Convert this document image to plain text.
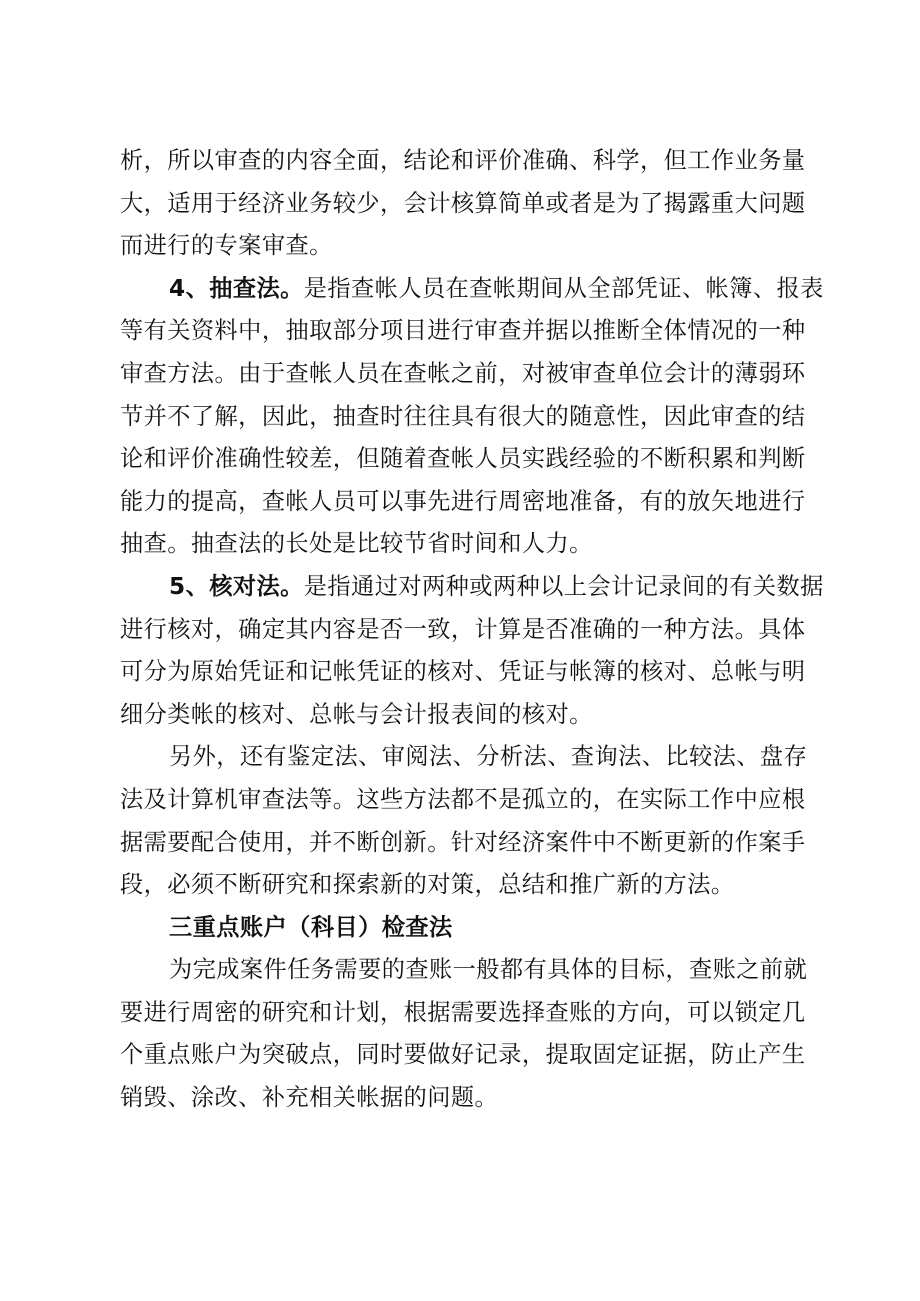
析，所以审查的内容全面，结论和评价准确、科学，但工作业务量
大，适用于经济业务较少，会计核算简单或者是为了揭露重大问题
而进行的专案审查。
4、抽查法。是指查帐人员在查帐期间从全部凭证、帐簿、报表
等有关资料中，抽取部分项目进行审查并据以推断全体情况的一种
审查方法。由于查帐人员在查帐之前，对被审查单位会计的薄弱环
节并不了解，因此，抽查时往往具有很大的随意性，因此审查的结
论和评价准确性较差，但随着查帐人员实践经验的不断积累和判断
能力的提高，查帐人员可以事先进行周密地准备，有的放矢地进行
抽查。抽查法的长处是比较节省时间和人力。
5、核对法。是指通过对两种或两种以上会计记录间的有关数据
进行核对，确定其内容是否一致，计算是否准确的一种方法。具体
可分为原始凭证和记帐凭证的核对、凭证与帐簿的核对、总帐与明
细分类帐的核对、总帐与会计报表间的核对。
另外，还有鉴定法、审阅法、分析法、查询法、比较法、盘存
法及计算机审查法等。这些方法都不是孤立的，在实际工作中应根
据需要配合使用，并不断创新。针对经济案件中不断更新的作案手
段，必须不断研究和探索新的对策，总结和推广新的方法。
三重点账户（科目）检查法
为完成案件任务需要的查账一般都有具体的目标，查账之前就
要进行周密的研究和计划，根据需要选择查账的方向，可以锁定几
个重点账户为突破点，同时要做好记录，提取固定证据，防止产生
销毁、涂改、补充相关帐据的问题。
